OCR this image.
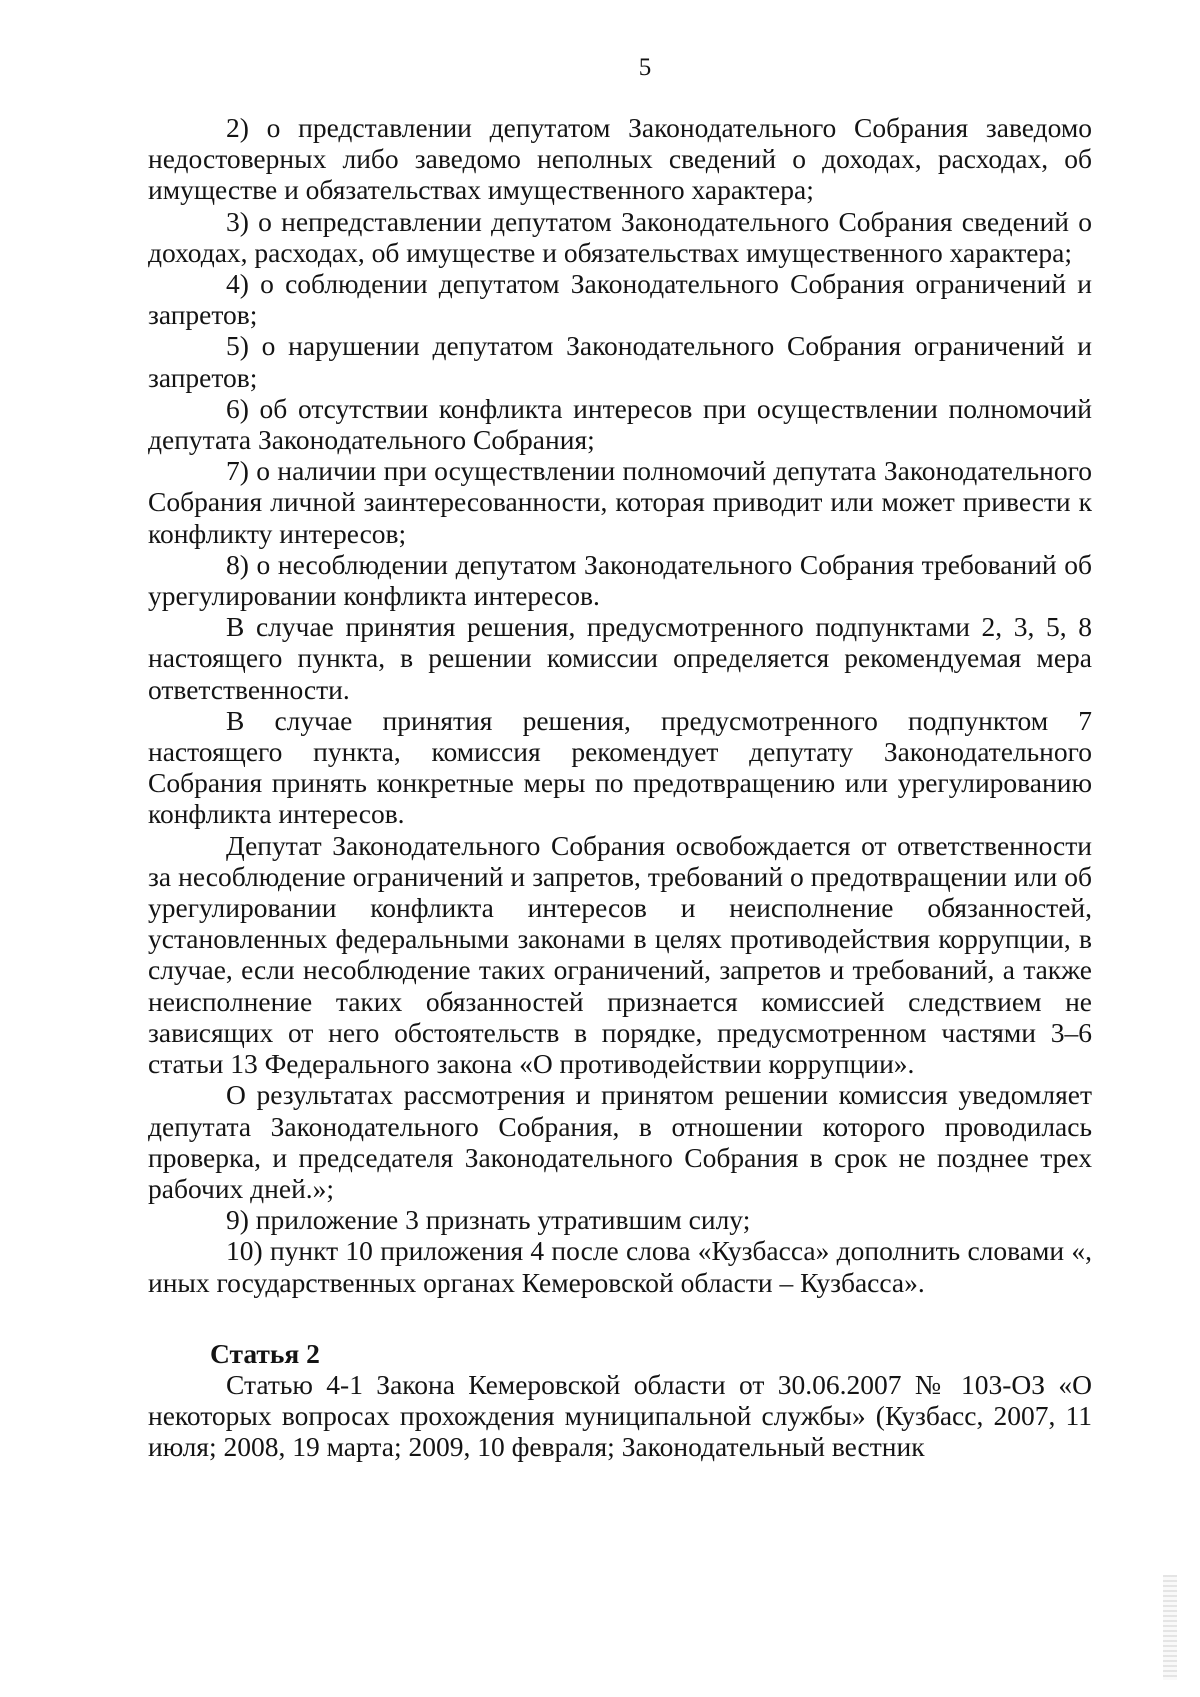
5

2) о представлении депутатом Законодательного Собрания заведомо недостоверных либо заведомо неполных сведений о доходах, расходах, об имуществе и обязательствах имущественного характера;

3) о непредставлении депутатом Законодательного Собрания сведений о доходах, расходах, об имуществе и обязательствах имущественного характера;

4) о соблюдении депутатом Законодательного Собрания ограничений и запретов;

5) о нарушении депутатом Законодательного Собрания ограничений и запретов;

6) об отсутствии конфликта интересов при осуществлении полномочий депутата Законодательного Собрания;

7) о наличии при осуществлении полномочий депутата Законодательного Собрания личной заинтересованности, которая приводит или может привести к конфликту интересов;

8) о несоблюдении депутатом Законодательного Собрания требований об урегулировании конфликта интересов.

В случае принятия решения, предусмотренного подпунктами 2, 3, 5, 8 настоящего пункта, в решении комиссии определяется рекомендуемая мера ответственности.

В случае принятия решения, предусмотренного подпунктом 7 настоящего пункта, комиссия рекомендует депутату Законодательного Собрания принять конкретные меры по предотвращению или урегулированию конфликта интересов.

Депутат Законодательного Собрания освобождается от ответственности за несоблюдение ограничений и запретов, требований о предотвращении или об урегулировании конфликта интересов и неисполнение обязанностей, установленных федеральными законами в целях противодействия коррупции, в случае, если несоблюдение таких ограничений, запретов и требований, а также неисполнение таких обязанностей признается комиссией следствием не зависящих от него обстоятельств в порядке, предусмотренном частями 3–6 статьи 13 Федерального закона «О противодействии коррупции».

О результатах рассмотрения и принятом решении комиссия уведомляет депутата Законодательного Собрания, в отношении которого проводилась проверка, и председателя Законодательного Собрания в срок не позднее трех рабочих дней.»;

9) приложение 3 признать утратившим силу;

10) пункт 10 приложения 4 после слова «Кузбасса» дополнить словами «, иных государственных органах Кемеровской области – Кузбасса».

Статья 2

Статью 4-1 Закона Кемеровской области от 30.06.2007 № 103-ОЗ «О некоторых вопросах прохождения муниципальной службы» (Кузбасс, 2007, 11 июля; 2008, 19 марта; 2009, 10 февраля; Законодательный вестник
